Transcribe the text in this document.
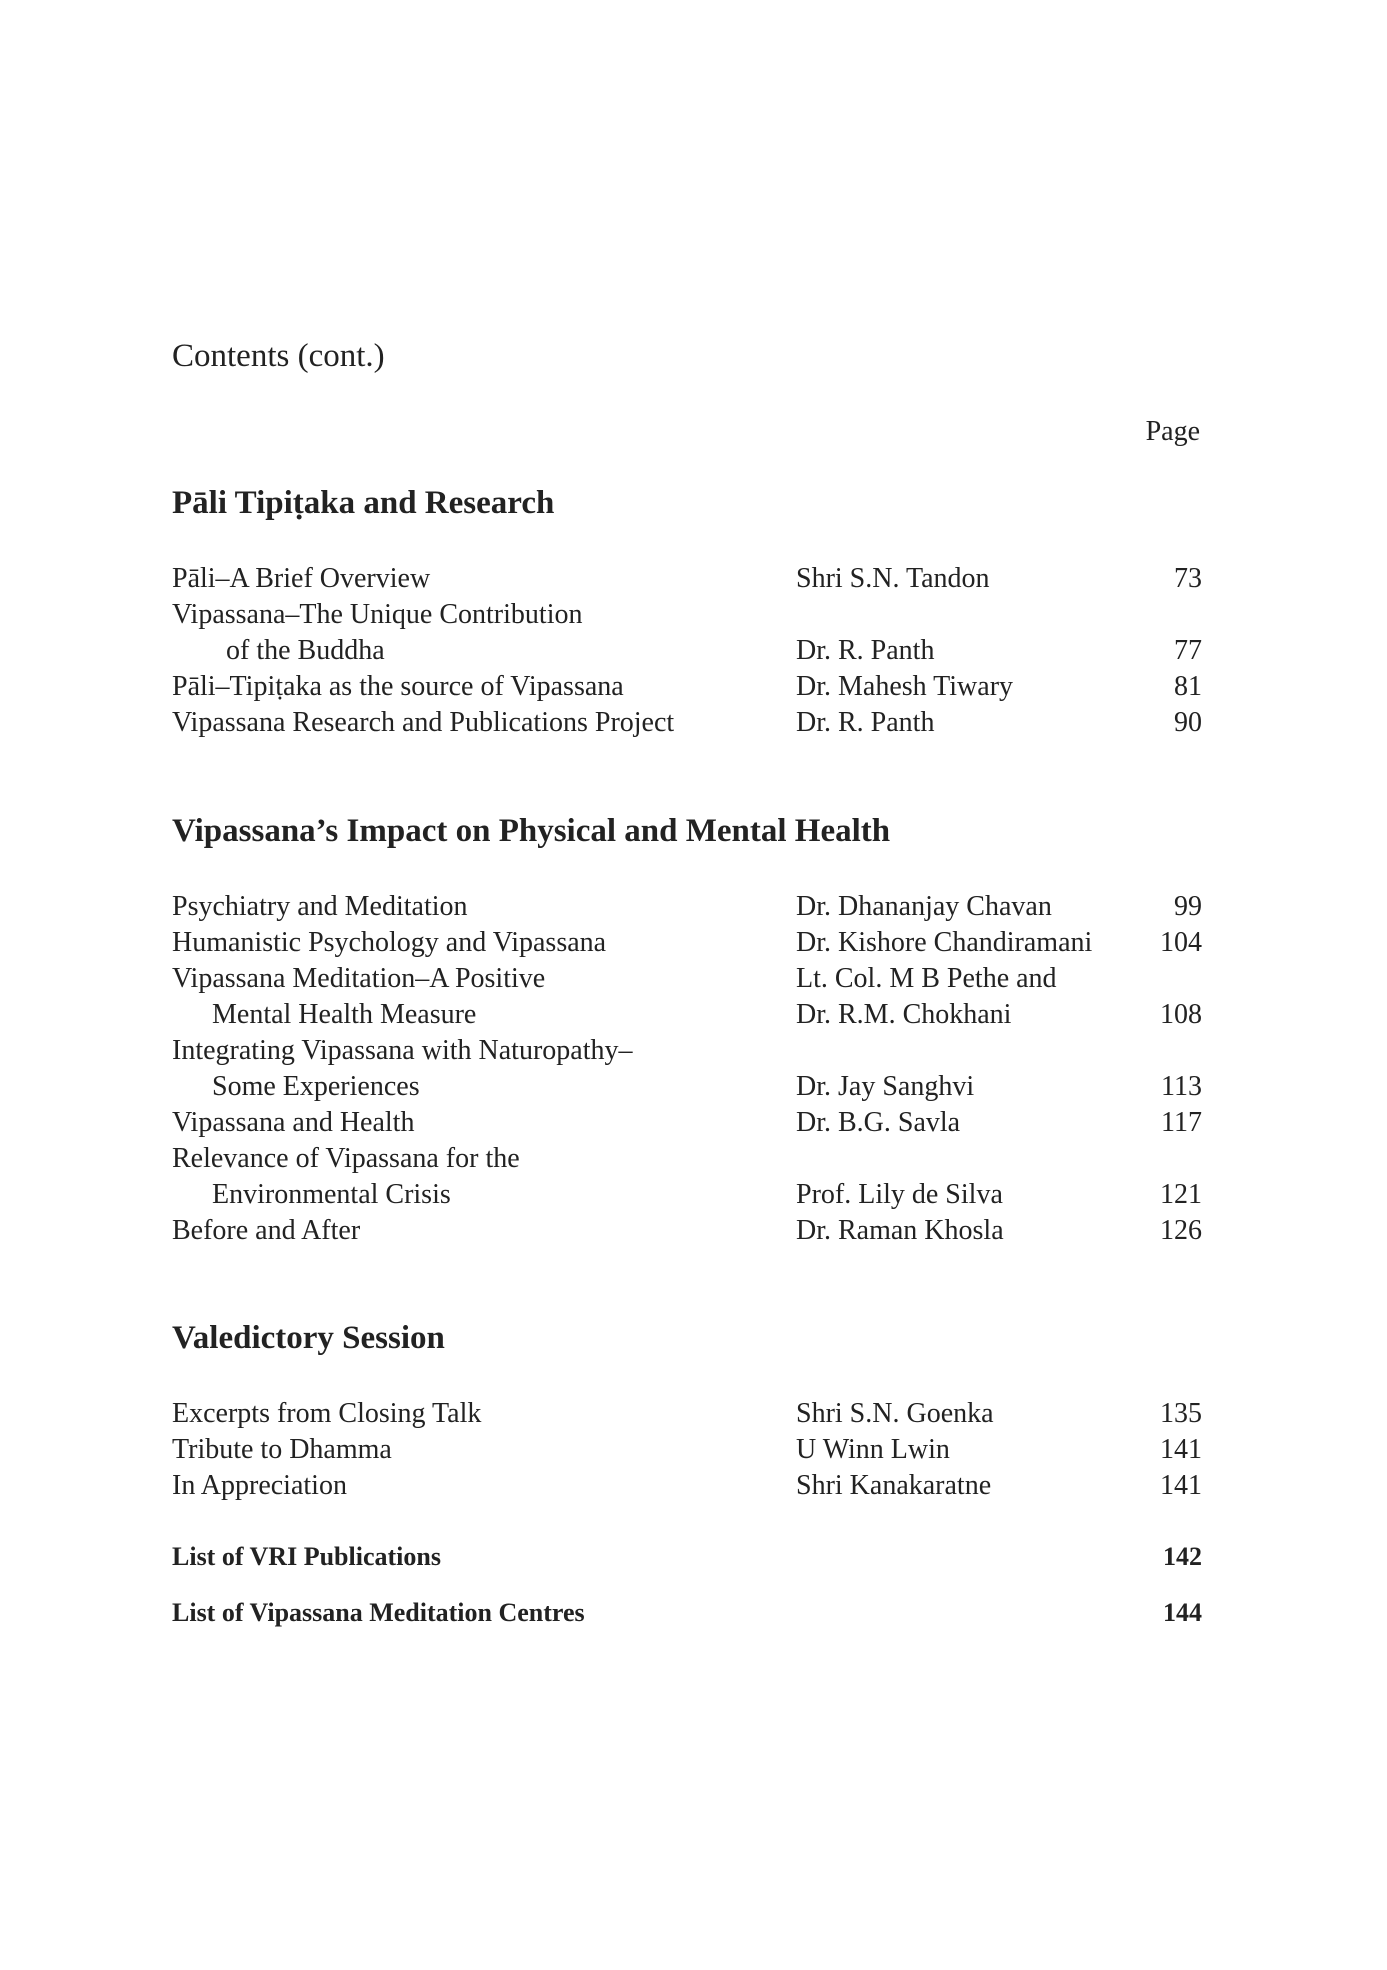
Contents (cont.)
Page
Pāli Tipiṭaka and Research
Pāli–A Brief Overview	Shri S.N. Tandon	73
Vipassana–The Unique Contribution
of the Buddha	Dr. R. Panth	77
Pāli–Tipiṭaka as the source of Vipassana	Dr. Mahesh Tiwary	81
Vipassana Research and Publications Project	Dr. R. Panth	90
Vipassana’s Impact on Physical and Mental Health
Psychiatry and Meditation	Dr. Dhananjay Chavan	99
Humanistic Psychology and Vipassana	Dr. Kishore Chandiramani 104
Vipassana Meditation–A Positive	Lt. Col. M B Pethe and
Mental Health Measure	Dr. R.M. Chokhani	108
Integrating Vipassana with Naturopathy–
Some Experiences	Dr. Jay Sanghvi	113
Vipassana and Health	Dr. B.G. Savla	117
Relevance of Vipassana for the
Environmental Crisis	Prof. Lily de Silva	121
Before and After	Dr. Raman Khosla	126
Valedictory Session
Excerpts from Closing Talk	Shri S.N. Goenka	135
Tribute to Dhamma	U Winn Lwin	141
In Appreciation	Shri Kanakaratne	141
List of VRI Publications	142
List of Vipassana Meditation Centres	144
